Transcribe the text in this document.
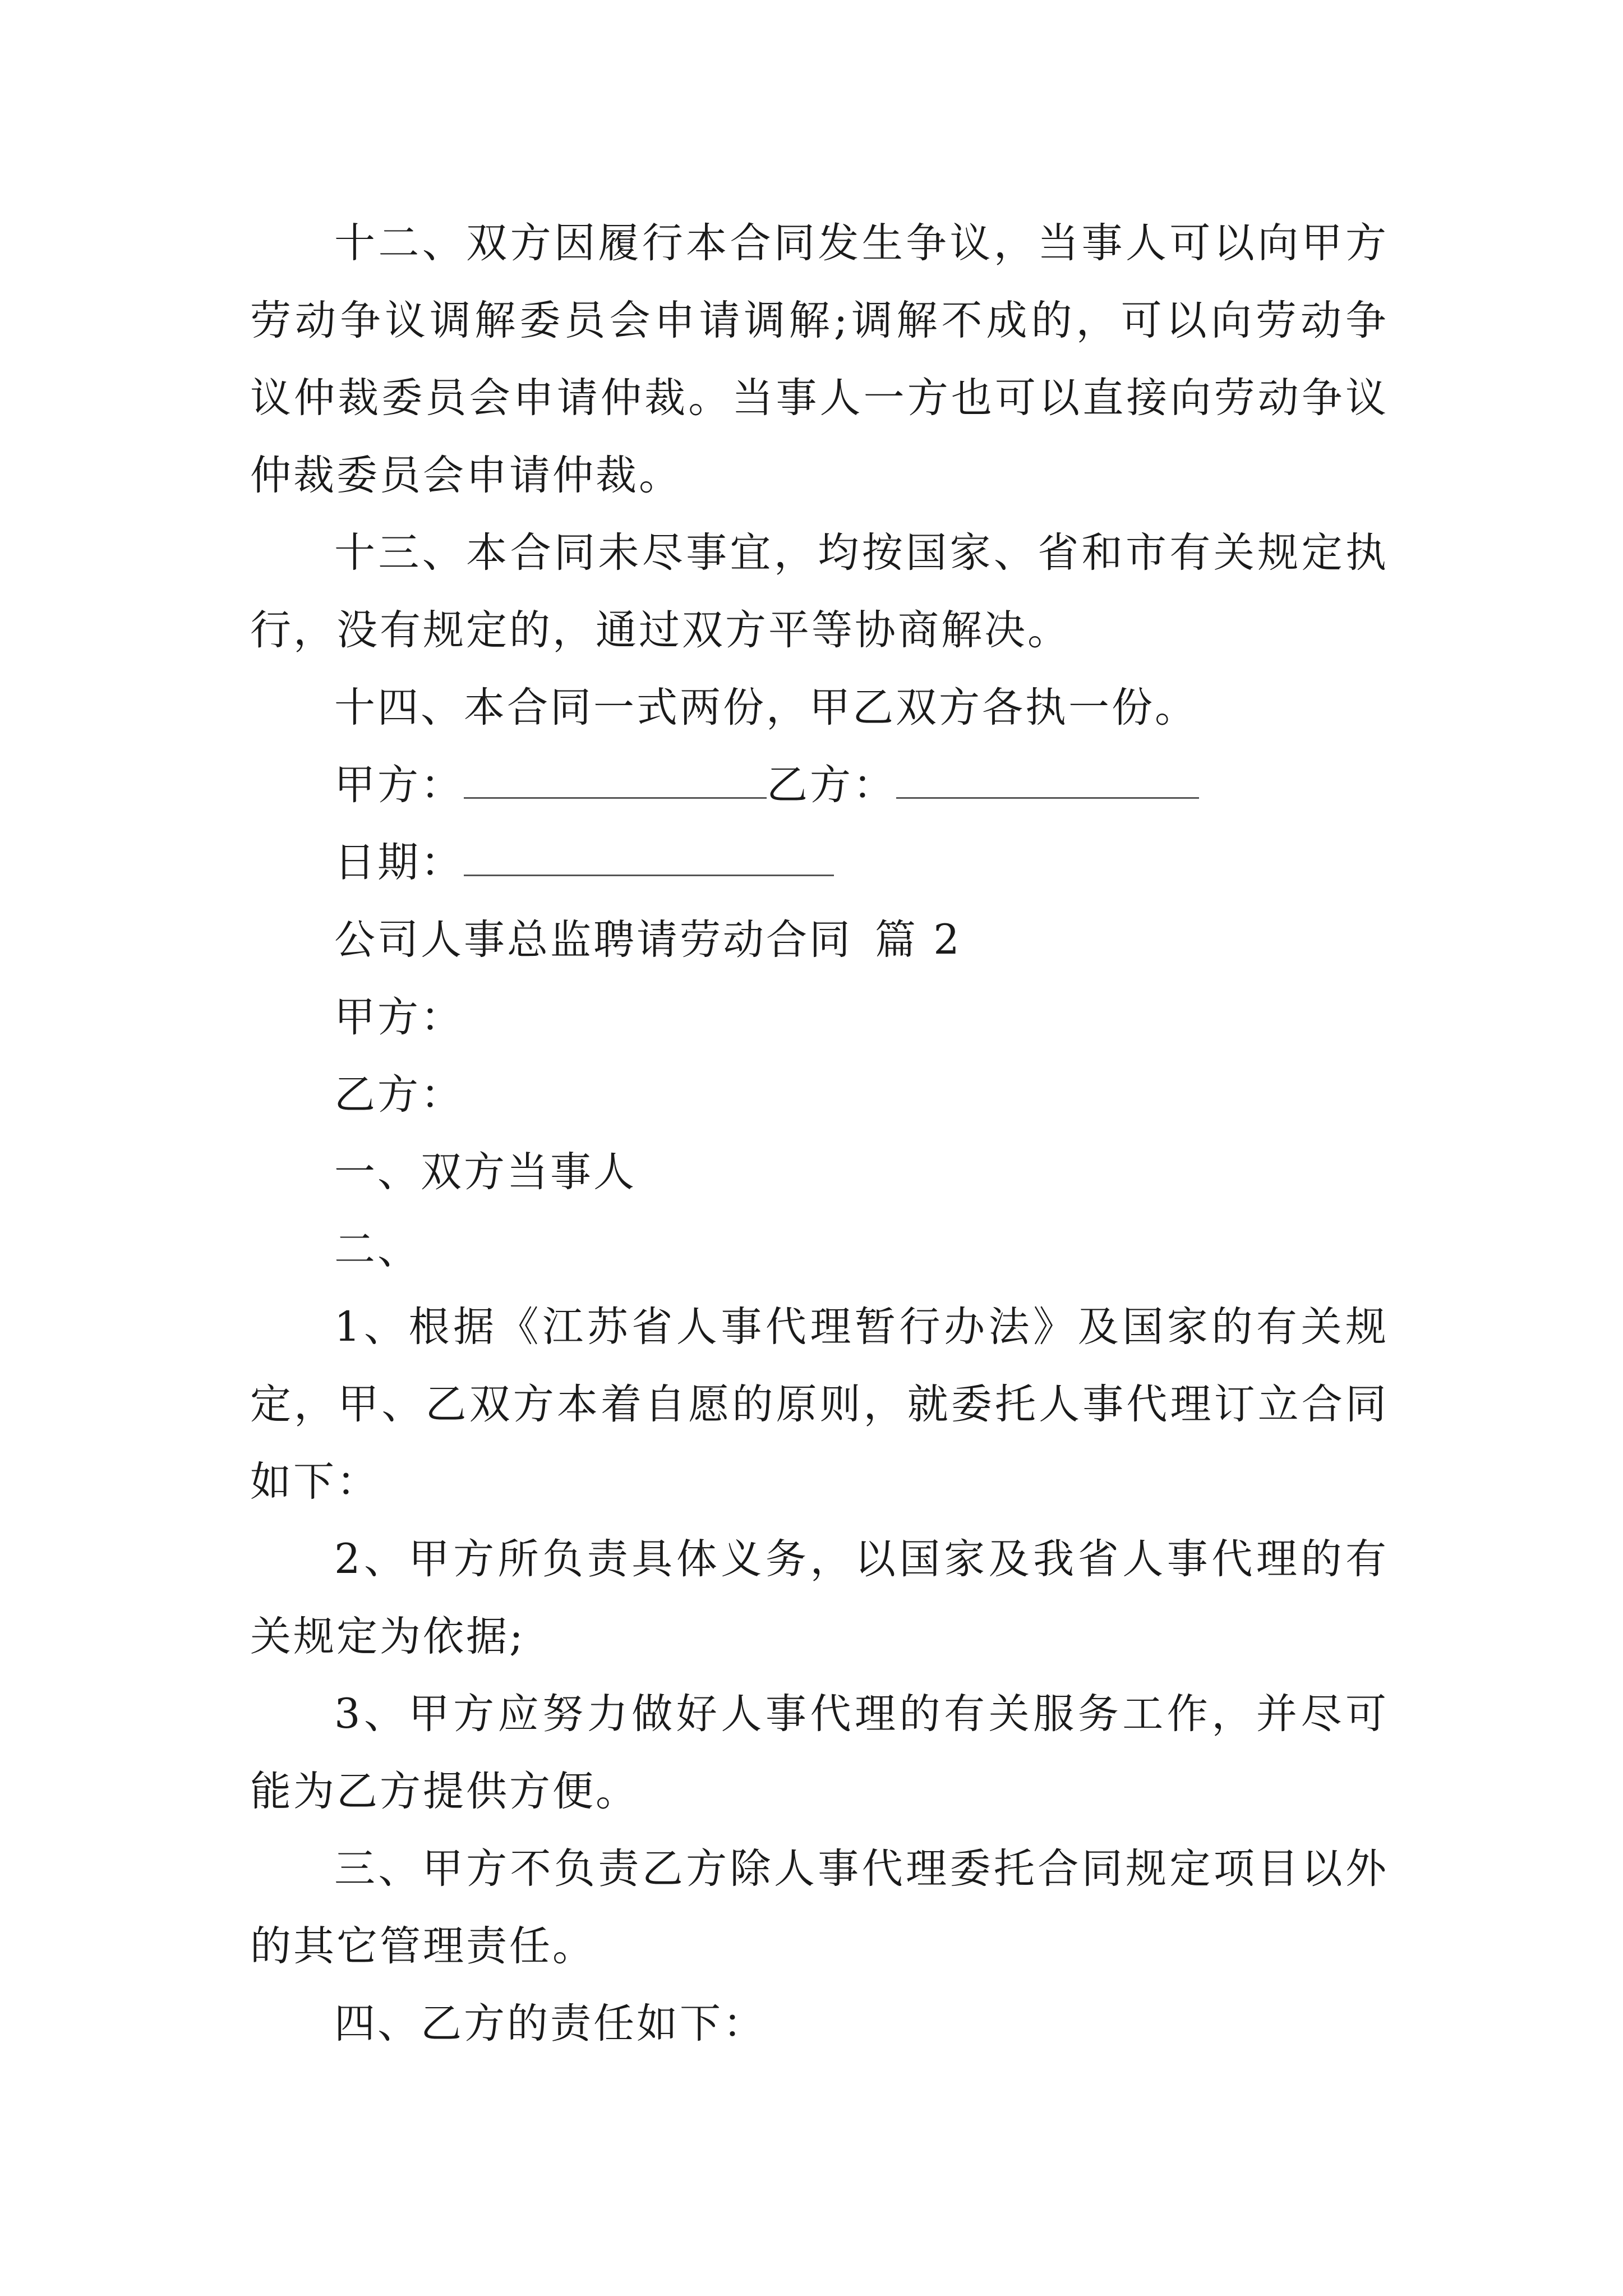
十二、双方因履行本合同发生争议，当事人可以向甲方劳动争议调解委员会申请调解;调解不成的，可以向劳动争议仲裁委员会申请仲裁。当事人一方也可以直接向劳动争议仲裁委员会申请仲裁。

十三、本合同未尽事宜，均按国家、省和市有关规定执行，没有规定的，通过双方平等协商解决。

十四、本合同一式两份，甲乙双方各执一份。

甲方：	乙方：
日期：
公司人事总监聘请劳动合同 篇 2
甲方：
乙方：
一、双方当事人
二、

1、根据《江苏省人事代理暂行办法》及国家的有关规定，甲、乙双方本着自愿的原则，就委托人事代理订立合同如下：

2、甲方所负责具体义务，以国家及我省人事代理的有关规定为依据;

3、甲方应努力做好人事代理的有关服务工作，并尽可能为乙方提供方便。

三、甲方不负责乙方除人事代理委托合同规定项目以外的其它管理责任。

四、乙方的责任如下：
